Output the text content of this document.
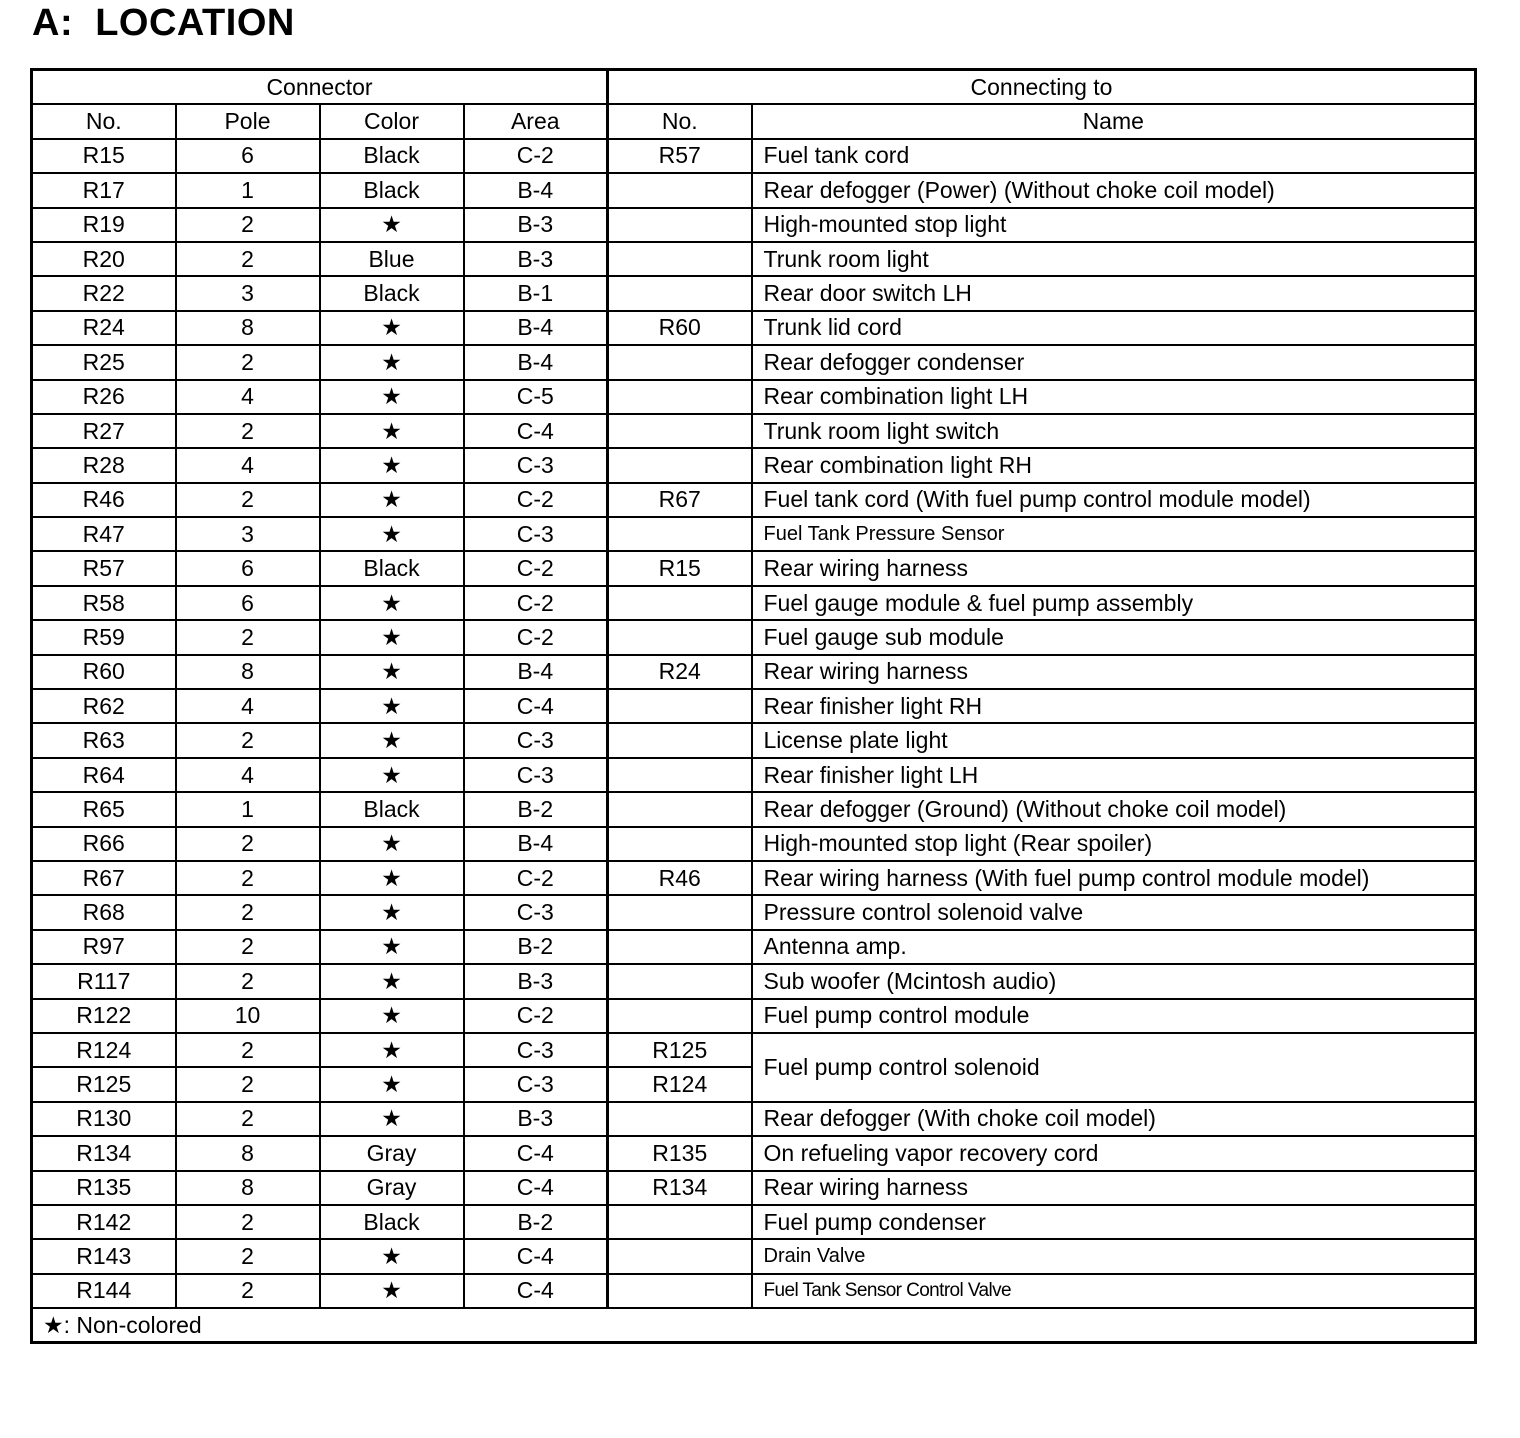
A:  LOCATION
Connector				Connecting to	
No.	Pole	Color	Area	No.	Name
R15	6	Black	C-2	R57	Fuel tank cord
R17	1	Black	B-4		Rear defogger (Power) (Without choke coil model)
R19	2	★	B-3		High-mounted stop light
R20	2	Blue	B-3		Trunk room light
R22	3	Black	B-1		Rear door switch LH
R24	8	★	B-4	R60	Trunk lid cord
R25	2	★	B-4		Rear defogger condenser
R26	4	★	C-5		Rear combination light LH
R27	2	★	C-4		Trunk room light switch
R28	4	★	C-3		Rear combination light RH
R46	2	★	C-2	R67	Fuel tank cord (With fuel pump control module model)
R47	3	★	C-3		Fuel Tank Pressure Sensor
R57	6	Black	C-2	R15	Rear wiring harness
R58	6	★	C-2		Fuel gauge module & fuel pump assembly
R59	2	★	C-2		Fuel gauge sub module
R60	8	★	B-4	R24	Rear wiring harness
R62	4	★	C-4		Rear finisher light RH
R63	2	★	C-3		License plate light
R64	4	★	C-3		Rear finisher light LH
R65	1	Black	B-2		Rear defogger (Ground) (Without choke coil model)
R66	2	★	B-4		High-mounted stop light (Rear spoiler)
R67	2	★	C-2	R46	Rear wiring harness (With fuel pump control module model)
R68	2	★	C-3		Pressure control solenoid valve
R97	2	★	B-2		Antenna amp.
R117	2	★	B-3		Sub woofer (Mcintosh audio)
R122	10	★	C-2		Fuel pump control module
R124	2	★	C-3	R125	Fuel pump control solenoid
R125	2	★	C-3	R124	
R130	2	★	B-3		Rear defogger (With choke coil model)
R134	8	Gray	C-4	R135	On refueling vapor recovery cord
R135	8	Gray	C-4	R134	Rear wiring harness
R142	2	Black	B-2		Fuel pump condenser
R143	2	★	C-4		Drain Valve
R144	2	★	C-4		Fuel Tank Sensor Control Valve
★: Non-colored					
